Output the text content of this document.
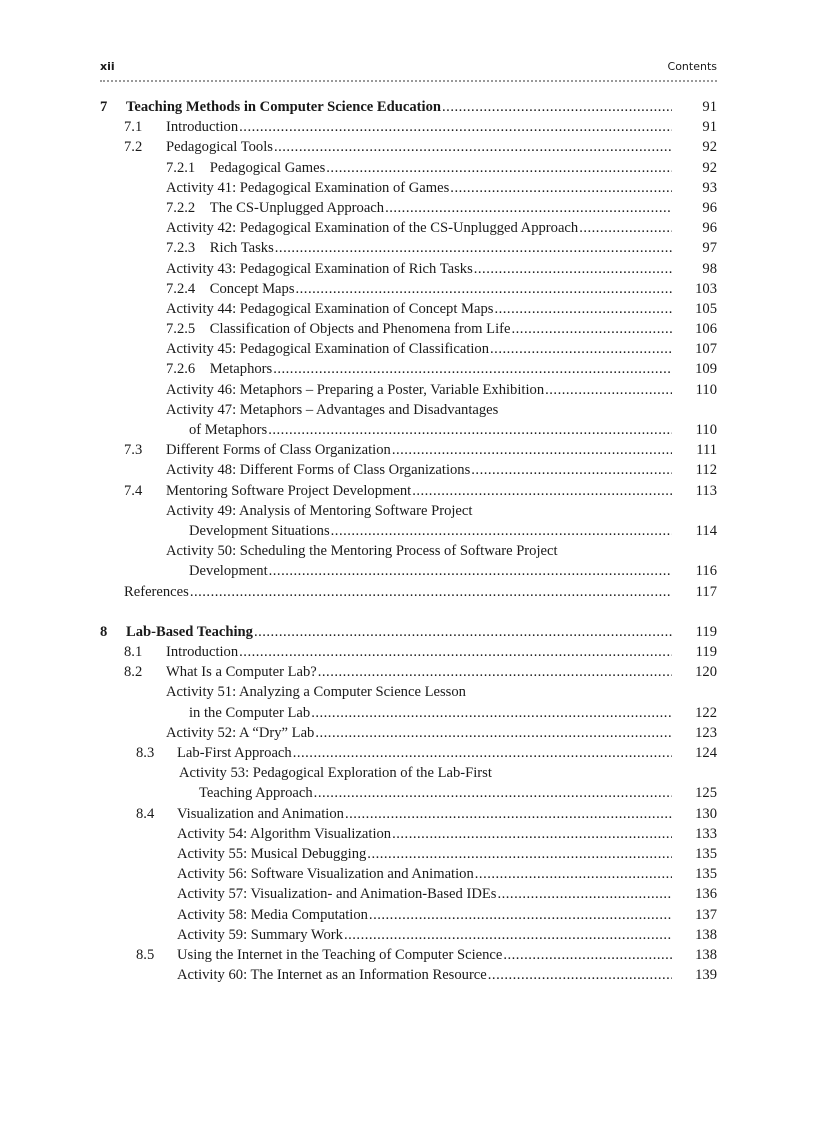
xii	Contents
7 Teaching Methods in Computer Science Education .....	91
7.1 Introduction .....	91
7.2 Pedagogical Tools .....	92
7.2.1 Pedagogical Games .....	92
Activity 41: Pedagogical Examination of Games .....	93
7.2.2 The CS-Unplugged Approach .....	96
Activity 42: Pedagogical Examination of the CS-Unplugged Approach .....	96
7.2.3 Rich Tasks .....	97
Activity 43: Pedagogical Examination of Rich Tasks .....	98
7.2.4 Concept Maps .....	103
Activity 44: Pedagogical Examination of Concept Maps .....	105
7.2.5 Classification of Objects and Phenomena from Life .....	106
Activity 45: Pedagogical Examination of Classification .....	107
7.2.6 Metaphors .....	109
Activity 46: Metaphors – Preparing a Poster, Variable Exhibition .....	110
Activity 47: Metaphors – Advantages and Disadvantages
of Metaphors .....	110
7.3 Different Forms of Class Organization .....	111
Activity 48: Different Forms of Class Organizations .....	112
7.4 Mentoring Software Project Development .....	113
Activity 49: Analysis of Mentoring Software Project
Development Situations .....	114
Activity 50: Scheduling the Mentoring Process of Software Project
Development .....	116
References .....	117
8 Lab-Based Teaching .....	119
8.1 Introduction .....	119
8.2 What Is a Computer Lab? .....	120
Activity 51: Analyzing a Computer Science Lesson
in the Computer Lab .....	122
Activity 52: A “Dry” Lab .....	123
8.3 Lab-First Approach .....	124
Activity 53: Pedagogical Exploration of the Lab-First
Teaching Approach .....	125
8.4 Visualization and Animation .....	130
Activity 54: Algorithm Visualization .....	133
Activity 55: Musical Debugging .....	135
Activity 56: Software Visualization and Animation .....	135
Activity 57: Visualization- and Animation-Based IDEs .....	136
Activity 58: Media Computation .....	137
Activity 59: Summary Work .....	138
8.5 Using the Internet in the Teaching of Computer Science .....	138
Activity 60: The Internet as an Information Resource .....	139
